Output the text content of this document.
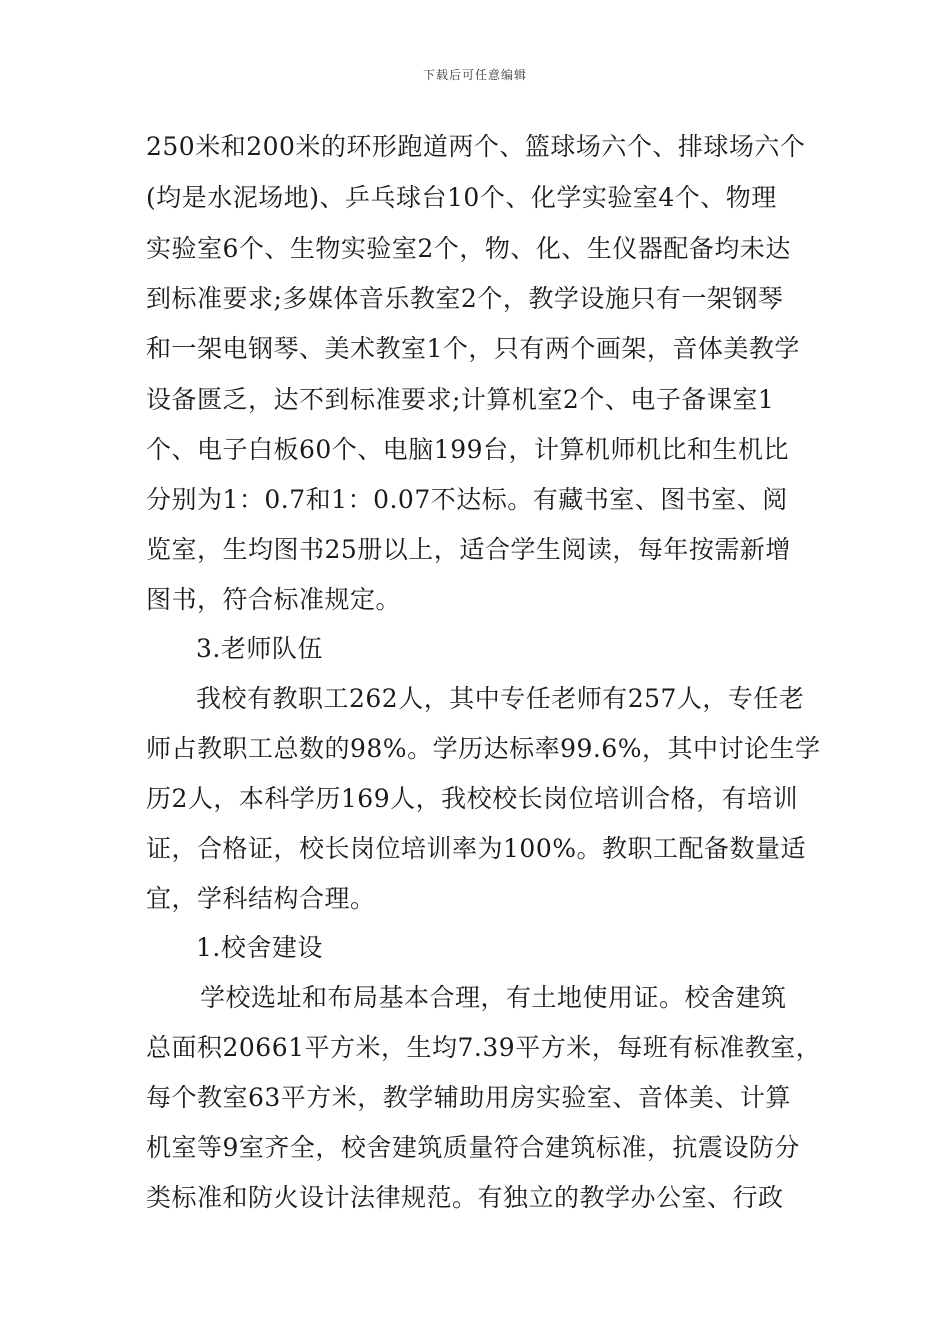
下载后可任意编辑
250米和200米的环形跑道两个、篮球场六个、排球场六个
(均是水泥场地)、乒乓球台10个、化学实验室4个、物理
实验室6个、生物实验室2个，物、化、生仪器配备均未达
到标准要求;多媒体音乐教室2个，教学设施只有一架钢琴
和一架电钢琴、美术教室1个，只有两个画架，音体美教学
设备匮乏，达不到标准要求;计算机室2个、电子备课室1
个、电子白板60个、电脑199台，计算机师机比和生机比
分别为1：0.7和1：0.07不达标。有藏书室、图书室、阅
览室，生均图书25册以上，适合学生阅读，每年按需新增
图书，符合标准规定。
3.老师队伍
我校有教职工262人，其中专任老师有257人，专任老
师占教职工总数的98%。学历达标率99.6%，其中讨论生学
历2人，本科学历169人，我校校长岗位培训合格，有培训
证，合格证，校长岗位培训率为100%。教职工配备数量适
宜，学科结构合理。
1.校舍建设
学校选址和布局基本合理，有土地使用证。校舍建筑
总面积20661平方米，生均7.39平方米，每班有标准教室，
每个教室63平方米，教学辅助用房实验室、音体美、计算
机室等9室齐全，校舍建筑质量符合建筑标准，抗震设防分
类标准和防火设计法律规范。有独立的教学办公室、行政
